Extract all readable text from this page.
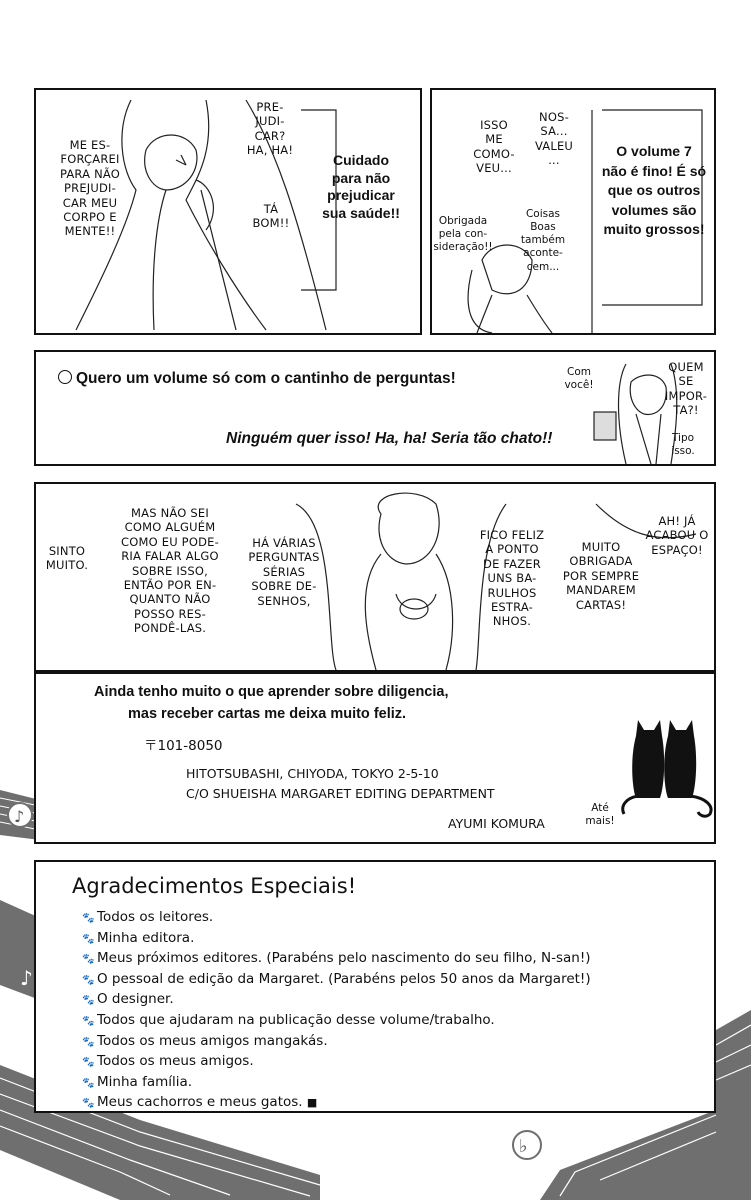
♪
♭
♪
ME ES-
FORÇAREI
PARA NÃO
PREJUDI-
CAR MEU
CORPO E
MENTE!!
PRE-
JUDI-
CAR?
HA, HA!
TÁ
BOM!!
Cuidado
para não
prejudicar
sua saúde!!
ISSO
ME
COMO-
VEU...
NOS-
SA...
VALEU
...
O volume 7
não é fino! É só
que os outros
volumes são
muito grossos!
Obrigada
pela con-
sideração!!
Coisas
Boas
também
aconte-
cem...
Quero um volume só com o cantinho de perguntas!
Ninguém quer isso! Ha, ha! Seria tão chato!!
Com
você!
QUEM
SE
IMPOR-
TA?!
Tipo
isso.
SINTO
MUITO.
MAS NÃO SEI
COMO ALGUÉM
COMO EU PODE-
RIA FALAR ALGO
SOBRE ISSO,
ENTÃO POR EN-
QUANTO NÃO
POSSO RES-
PONDÊ-LAS.
HÁ VÁRIAS
PERGUNTAS
SÉRIAS
SOBRE DE-
SENHOS,
FICO FELIZ
A PONTO
DE FAZER
UNS BA-
RULHOS
ESTRA-
NHOS.
MUITO
OBRIGADA
POR SEMPRE
MANDAREM
CARTAS!
AH! JÁ
ACABOU O
ESPAÇO!
Ainda tenho muito o que aprender sobre diligencia,
mas receber cartas me deixa muito feliz.
〒101-8050
HITOTSUBASHI, CHIYODA, TOKYO 2-5-10
C/O SHUEISHA MARGARET EDITING DEPARTMENT
AYUMI KOMURA
Até
mais!
Agradecimentos Especiais!
🐾 Todos os leitores.
🐾 Minha editora.
🐾 Meus próximos editores. (Parabéns pelo nascimento do seu filho, N-san!)
🐾 O pessoal de edição da Margaret. (Parabéns pelos 50 anos da Margaret!)
🐾 O designer.
🐾 Todos que ajudaram na publicação desse volume/trabalho.
🐾 Todos os meus amigos mangakás.
🐾 Todos os meus amigos.
🐾 Minha família.
🐾 Meus cachorros e meus gatos. ■
